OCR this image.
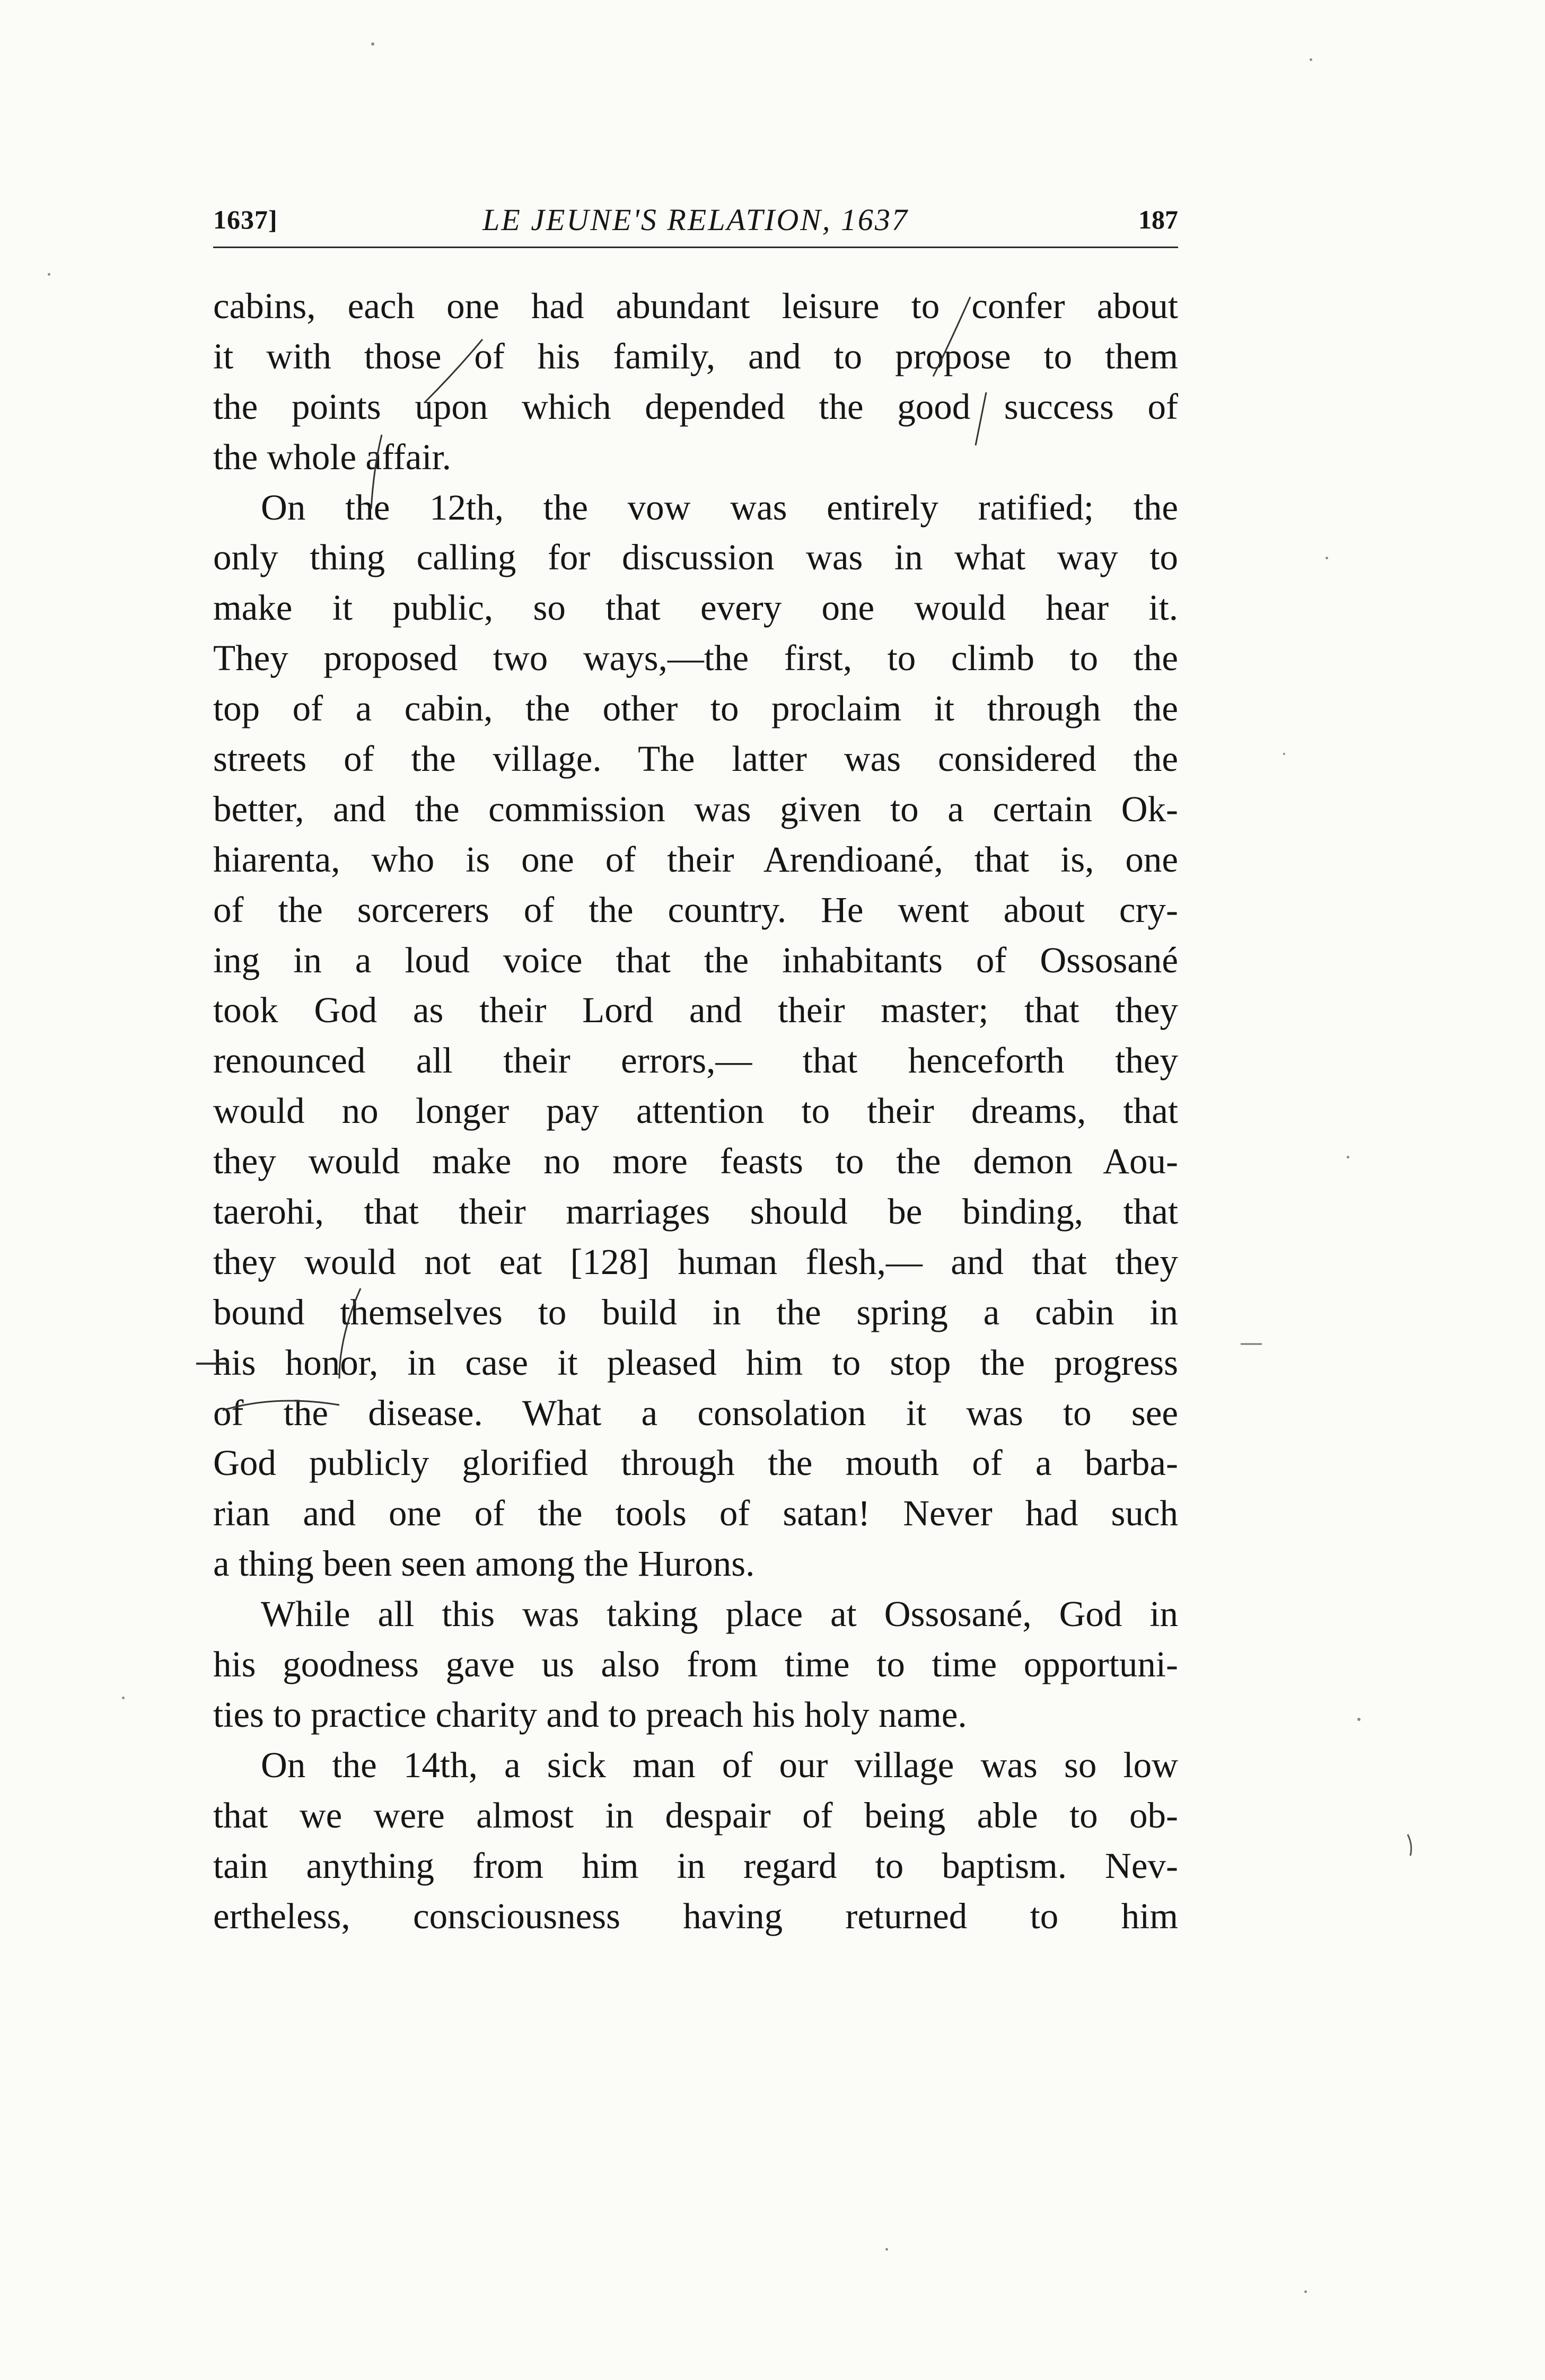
1637]	LE JEUNE'S RELATION, 1637	187
cabins, each one had abundant leisure to confer about
it with those of his family, and to propose to them
the points upon which depended the good success of
the whole affair.
On the 12th, the vow was entirely ratified; the
only thing calling for discussion was in what way to
make it public, so that every one would hear it.
They proposed two ways,—the first, to climb to the
top of a cabin, the other to proclaim it through the
streets of the village. The latter was considered the
better, and the commission was given to a certain Ok-
hiarenta, who is one of their Arendioané, that is, one
of the sorcerers of the country. He went about cry-
ing in a loud voice that the inhabitants of Ossosané
took God as their Lord and their master; that they
renounced all their errors,— that henceforth they
would no longer pay attention to their dreams, that
they would make no more feasts to the demon Aou-
taerohi, that their marriages should be binding, that
they would not eat [128] human flesh,— and that they
bound themselves to build in the spring a cabin in
his honor, in case it pleased him to stop the progress
of the disease. What a consolation it was to see
God publicly glorified through the mouth of a barba-
rian and one of the tools of satan! Never had such
a thing been seen among the Hurons.
While all this was taking place at Ossosané, God in
his goodness gave us also from time to time opportuni-
ties to practice charity and to preach his holy name.
On the 14th, a sick man of our village was so low
that we were almost in despair of being able to ob-
tain anything from him in regard to baptism. Nev-
ertheless, consciousness having returned to him
